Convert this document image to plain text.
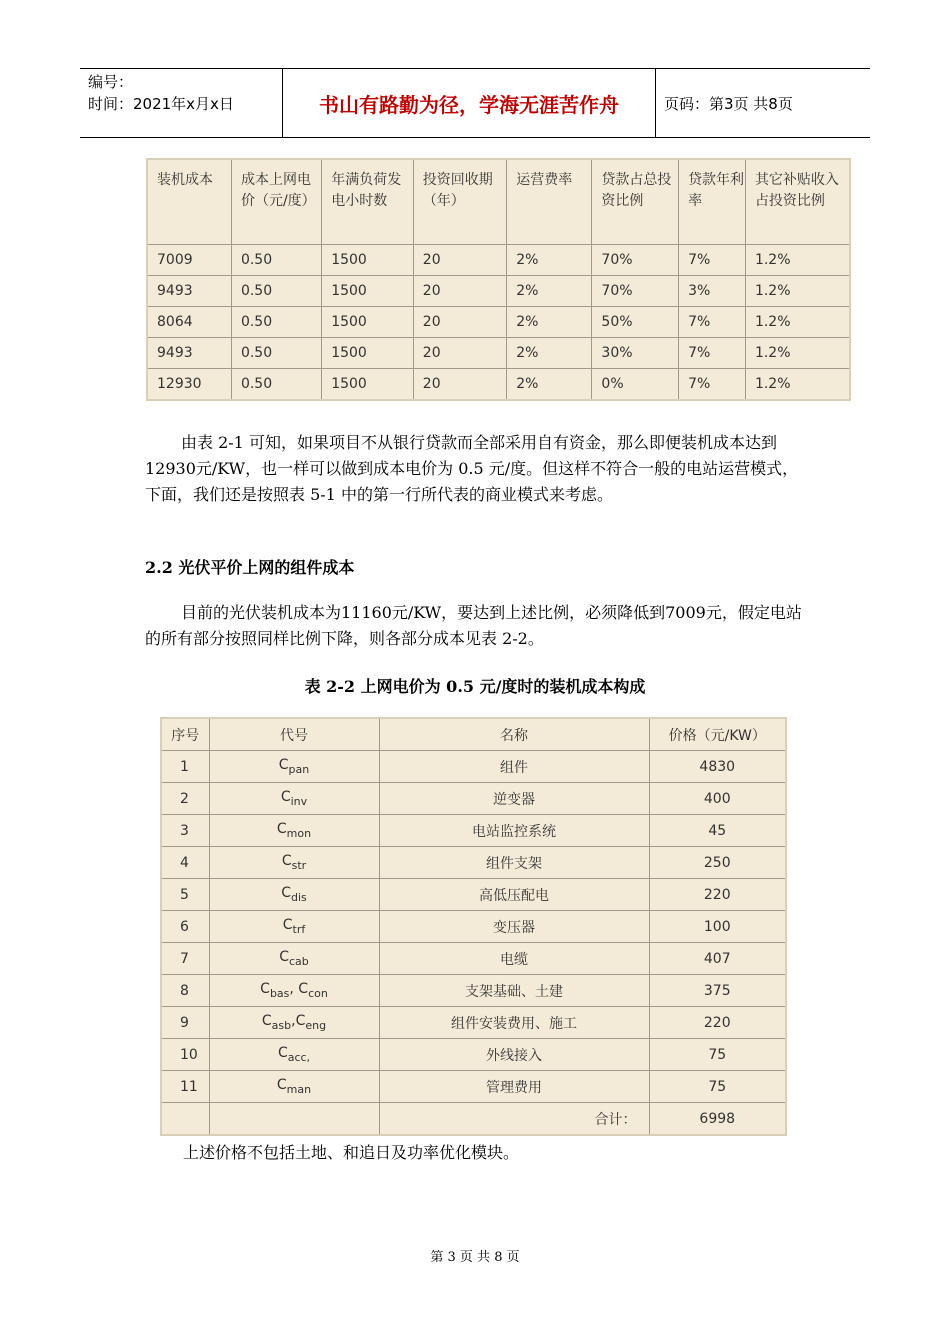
编号：
时间：2021年x月x日	书山有路勤为径，学海无涯苦作舟	页码：第3页 共8页
装机成本	成本上网电价（元/度）	年满负荷发电小时数	投资回收期（年）	运营费率	贷款占总投资比例	贷款年利率	其它补贴收入占投资比例
7009	0.50	1500	20	2%	70%	7%	1.2%
9493	0.50	1500	20	2%	70%	3%	1.2%
8064	0.50	1500	20	2%	50%	7%	1.2%
9493	0.50	1500	20	2%	30%	7%	1.2%
12930	0.50	1500	20	2%	0%	7%	1.2%
由表 2-1 可知，如果项目不从银行贷款而全部采用自有资金，那么即便装机成本达到12930元/KW，也一样可以做到成本电价为 0.5 元/度。但这样不符合一般的电站运营模式，下面，我们还是按照表 5-1 中的第一行所代表的商业模式来考虑。
2.2 光伏平价上网的组件成本
目前的光伏装机成本为11160元/KW，要达到上述比例，必须降低到7009元，假定电站的所有部分按照同样比例下降，则各部分成本见表 2-2。
表 2-2 上网电价为 0.5 元/度时的装机成本构成
序号	代号	名称	价格（元/KW）
1	$C_{pan}$	组件	4830
2	$C_{inv}$	逆变器	400
3	$C_{mon}$	电站监控系统	45
4	$C_{str}$	组件支架	250
5	$C_{dis}$	高低压配电	220
6	$C_{trf}$	变压器	100
7	$C_{cab}$	电缆	407
8	$C_{bas}$, $C_{con}$	支架基础、土建	375
9	$C_{asb},C_{eng}$	组件安装费用、施工	220
10	$C_{acc,}$	外线接入	75
11	$C_{man}$	管理费用	75
		合计：	6998
上述价格不包括土地、和追日及功率优化模块。
第 3 页 共 8 页
